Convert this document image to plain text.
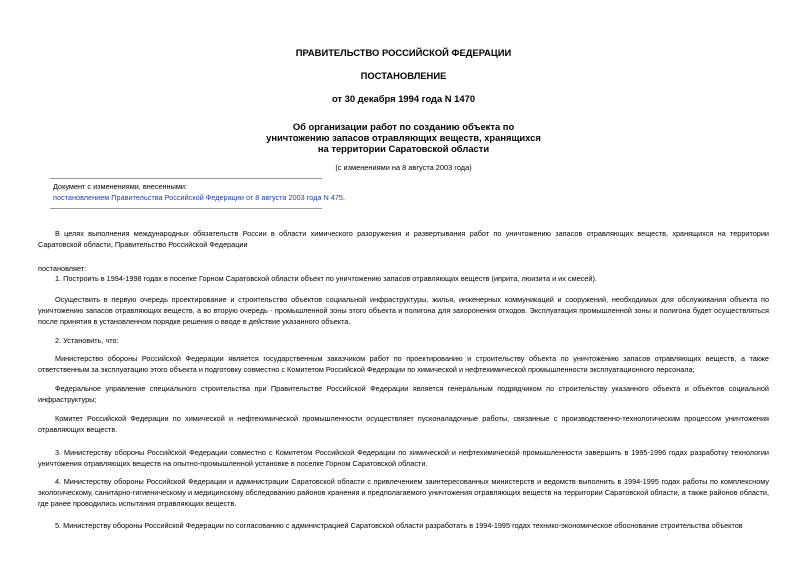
ПРАВИТЕЛЬСТВО РОССИЙСКОЙ ФЕДЕРАЦИИ
ПОСТАНОВЛЕНИЕ
от 30 декабря 1994 года N 1470
Об организации работ по созданию объекта по уничтожению запасов отравляющих веществ, хранящихся на территории Саратовской области
(с изменениями на 8 августа 2003 года)
Документ с изменениями, внесенными:
постановлением Правительства Российской Федерации от 8 августа 2003 года N 475.
В целях выполнения международных обязательств России в области химического разоружения и развертывания работ по уничтожению запасов отравляющих веществ, хранящихся на территории Саратовской области, Правительство Российской Федерации
постановляет:
1. Построить в 1994-1998 годах в поселке Горном Саратовской области объект по уничтожению запасов отравляющих веществ (иприта, люизита и их смесей).
Осуществить в первую очередь проектирование и строительство объектов социальной инфраструктуры, жилья, инженерных коммуникаций и сооружений, необходимых для обслуживания объекта по уничтожению запасов отравляющих веществ, а во вторую очередь - промышленной зоны этого объекта и полигона для захоронения отходов. Эксплуатация промышленной зоны и полигона будет осуществляться после принятия в установленном порядке решения о вводе в действие указанного объекта.
2. Установить, что:
Министерство обороны Российской Федерации является государственным заказчиком работ по проектированию и строительству объекта по уничтожению запасов отравляющих веществ, а также ответственным за эксплуатацию этого объекта и подготовку совместно с Комитетом Российской Федерации по химической и нефтехимической промышленности эксплуатационного персонала;
Федеральное управление специального строительства при Правительстве Российской Федерации является генеральным подрядчиком по строительству указанного объекта и объектов социальной инфраструктуры;
Комитет Российской Федерации по химической и нефтехимической промышленности осуществляет пусконаладочные работы, связанные с производственно-технологическим процессом уничтожения отравляющих веществ.
3. Министерству обороны Российской Федерации совместно с Комитетом Российской Федерации по химической и нефтехимической промышленности завершить в 1995-1996 годах разработку технологии уничтожения отравляющих веществ на опытно-промышленной установке в поселке Горном Саратовской области.
4. Министерству обороны Российской Федерации и администрации Саратовской области с привлечением заинтересованных министерств и ведомств выполнить в 1994-1995 годах работы по комплексному экологическому, санитарно-гигиеническому и медицинскому обследованию районов хранения и предполагаемого уничтожения отравляющих веществ на территории Саратовской области, а также районов области, где ранее проводились испытания отравляющих веществ.
5. Министерству обороны Российской Федерации по согласованию с администрацией Саратовской области разработать в 1994-1995 годах технико-экономическое обоснование строительства объектов
